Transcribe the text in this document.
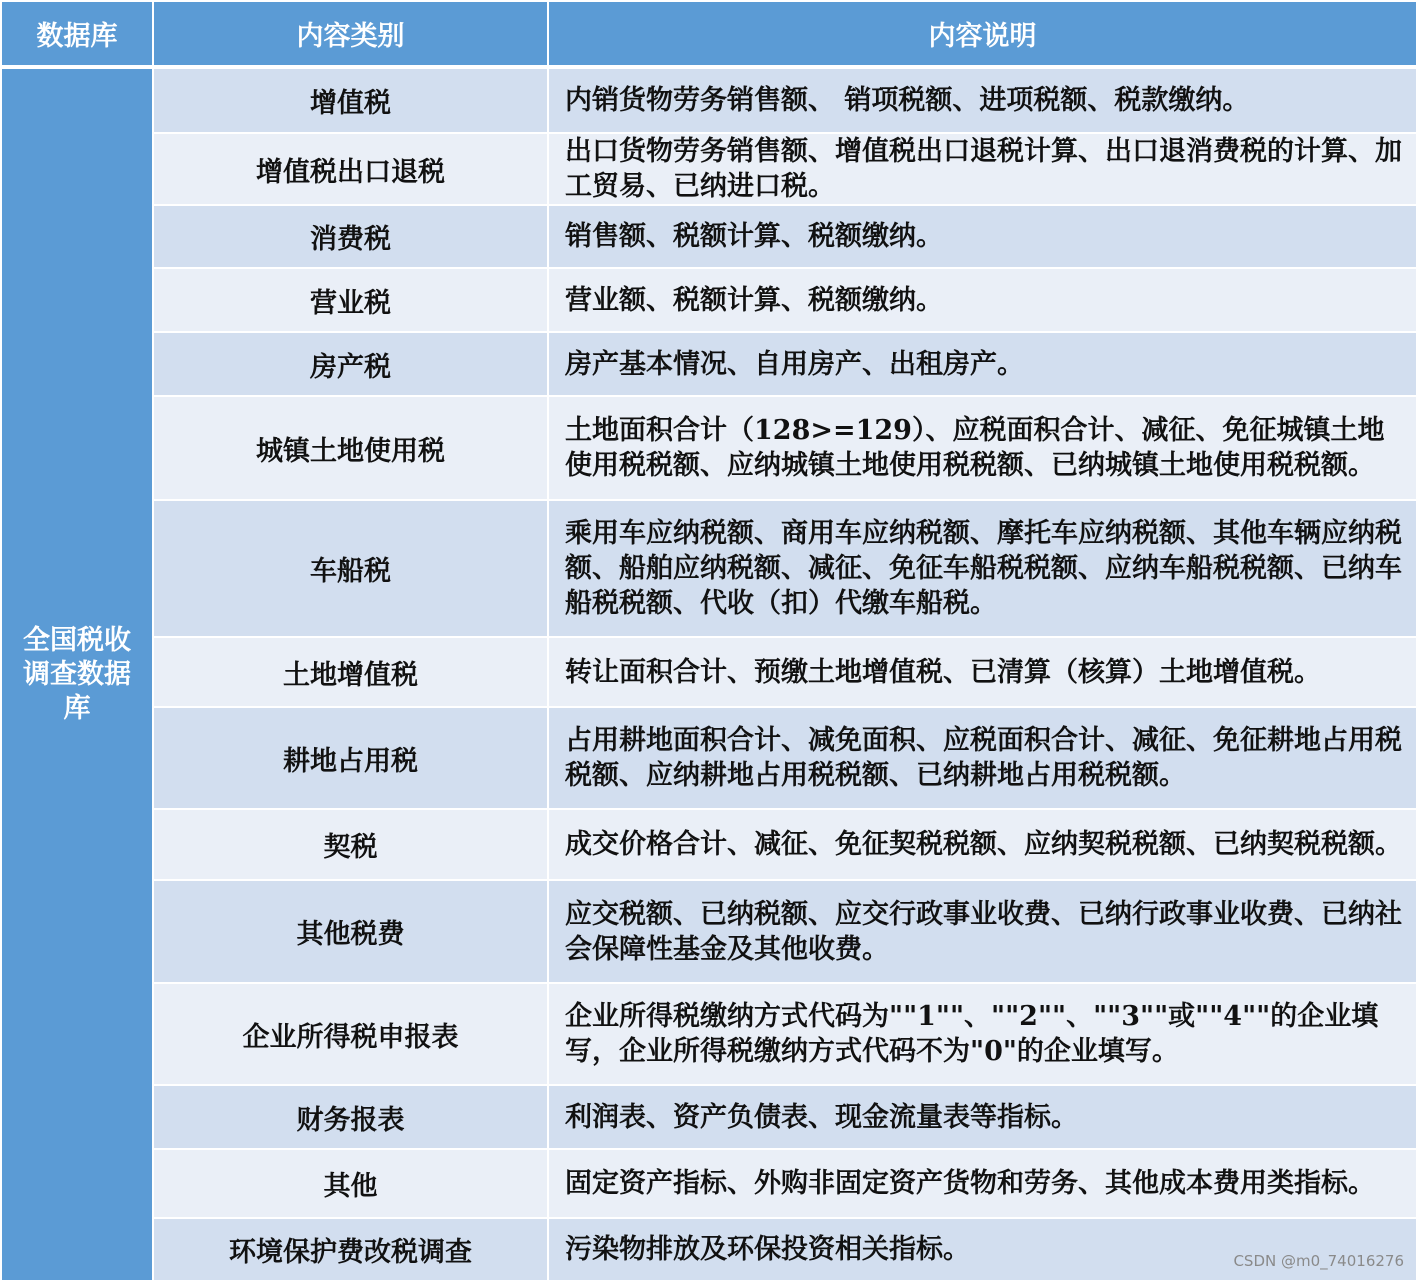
数据库	内容类别	内容说明
全国税收调查数据库	增值税	内销货物劳务销售额、 销项税额、进项税额、税款缴纳。
	增值税出口退税	出口货物劳务销售额、增值税出口退税计算、出口退消费税的计算、加工贸易、已纳进口税。
	消费税	销售额、税额计算、税额缴纳。
	营业税	营业额、税额计算、税额缴纳。
	房产税	房产基本情况、自用房产、出租房产。
	城镇土地使用税	土地面积合计（128>=129）、应税面积合计、减征、免征城镇土地使用税税额、应纳城镇土地使用税税额、已纳城镇土地使用税税额。
	车船税	乘用车应纳税额、商用车应纳税额、摩托车应纳税额、其他车辆应纳税额、船舶应纳税额、减征、免征车船税税额、应纳车船税税额、已纳车船税税额、代收（扣）代缴车船税。
	土地增值税	转让面积合计、预缴土地增值税、已清算（核算）土地增值税。
	耕地占用税	占用耕地面积合计、减免面积、应税面积合计、减征、免征耕地占用税税额、应纳耕地占用税税额、已纳耕地占用税税额。
	契税	成交价格合计、减征、免征契税税额、应纳契税税额、已纳契税税额。
	其他税费	应交税额、已纳税额、应交行政事业收费、已纳行政事业收费、已纳社会保障性基金及其他收费。
	企业所得税申报表	企业所得税缴纳方式代码为""1""、""2""、""3""或""4""的企业填写，企业所得税缴纳方式代码不为"0"的企业填写。
	财务报表	利润表、资产负债表、现金流量表等指标。
	其他	固定资产指标、外购非固定资产货物和劳务、其他成本费用类指标。
	环境保护费改税调查	污染物排放及环保投资相关指标。	CSDN @m0_74016276
